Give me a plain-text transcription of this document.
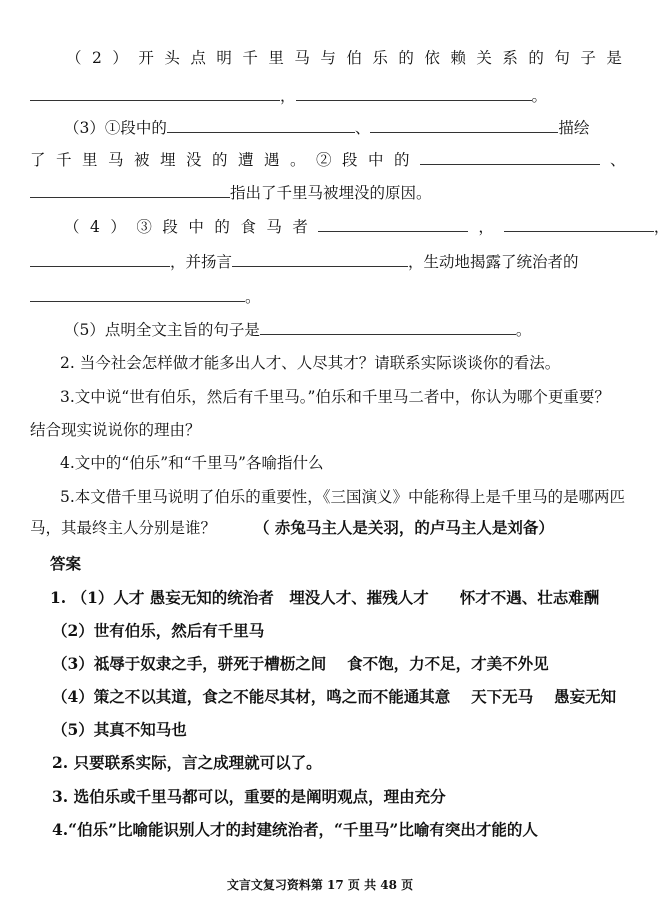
（2）开头点明千里马与伯乐的依赖关系的句子是
，	。
（3）①段中的	、	描绘
了千里马被埋没的遭遇。②段中的	、
指出了千里马被埋没的原因。
（4）③段中的食马者	，	，
，并扬言	，生动地揭露了统治者的
。
（5）点明全文主旨的句子是	。
2. 当今社会怎样做才能多出人才、人尽其才？请联系实际谈谈你的看法。
3.文中说“世有伯乐，然后有千里马。”伯乐和千里马二者中，你认为哪个更重要？
结合现实说说你的理由？
4.文中的“伯乐”和“千里马”各喻指什么
5.本文借千里马说明了伯乐的重要性，《三国演义》中能称得上是千里马的是哪两匹
马，其最终主人分别是谁？ （ 赤兔马主人是关羽，的卢马主人是刘备）
答案
1. （1）人才 愚妄无知的统治者　埋没人才、摧残人才　　怀才不遇、壮志难酬
（2）世有伯乐，然后有千里马
（3）祗辱于奴隶之手，骈死于槽枥之间　 食不饱，力不足，才美不外见
（4）策之不以其道，食之不能尽其材，鸣之而不能通其意　 天下无马　 愚妄无知
（5）其真不知马也
2. 只要联系实际，言之成理就可以了。
3. 选伯乐或千里马都可以，重要的是阐明观点，理由充分
4.“伯乐”比喻能识别人才的封建统治者，“千里马”比喻有突出才能的人
文言文复习资料第 17 页 共 48 页
